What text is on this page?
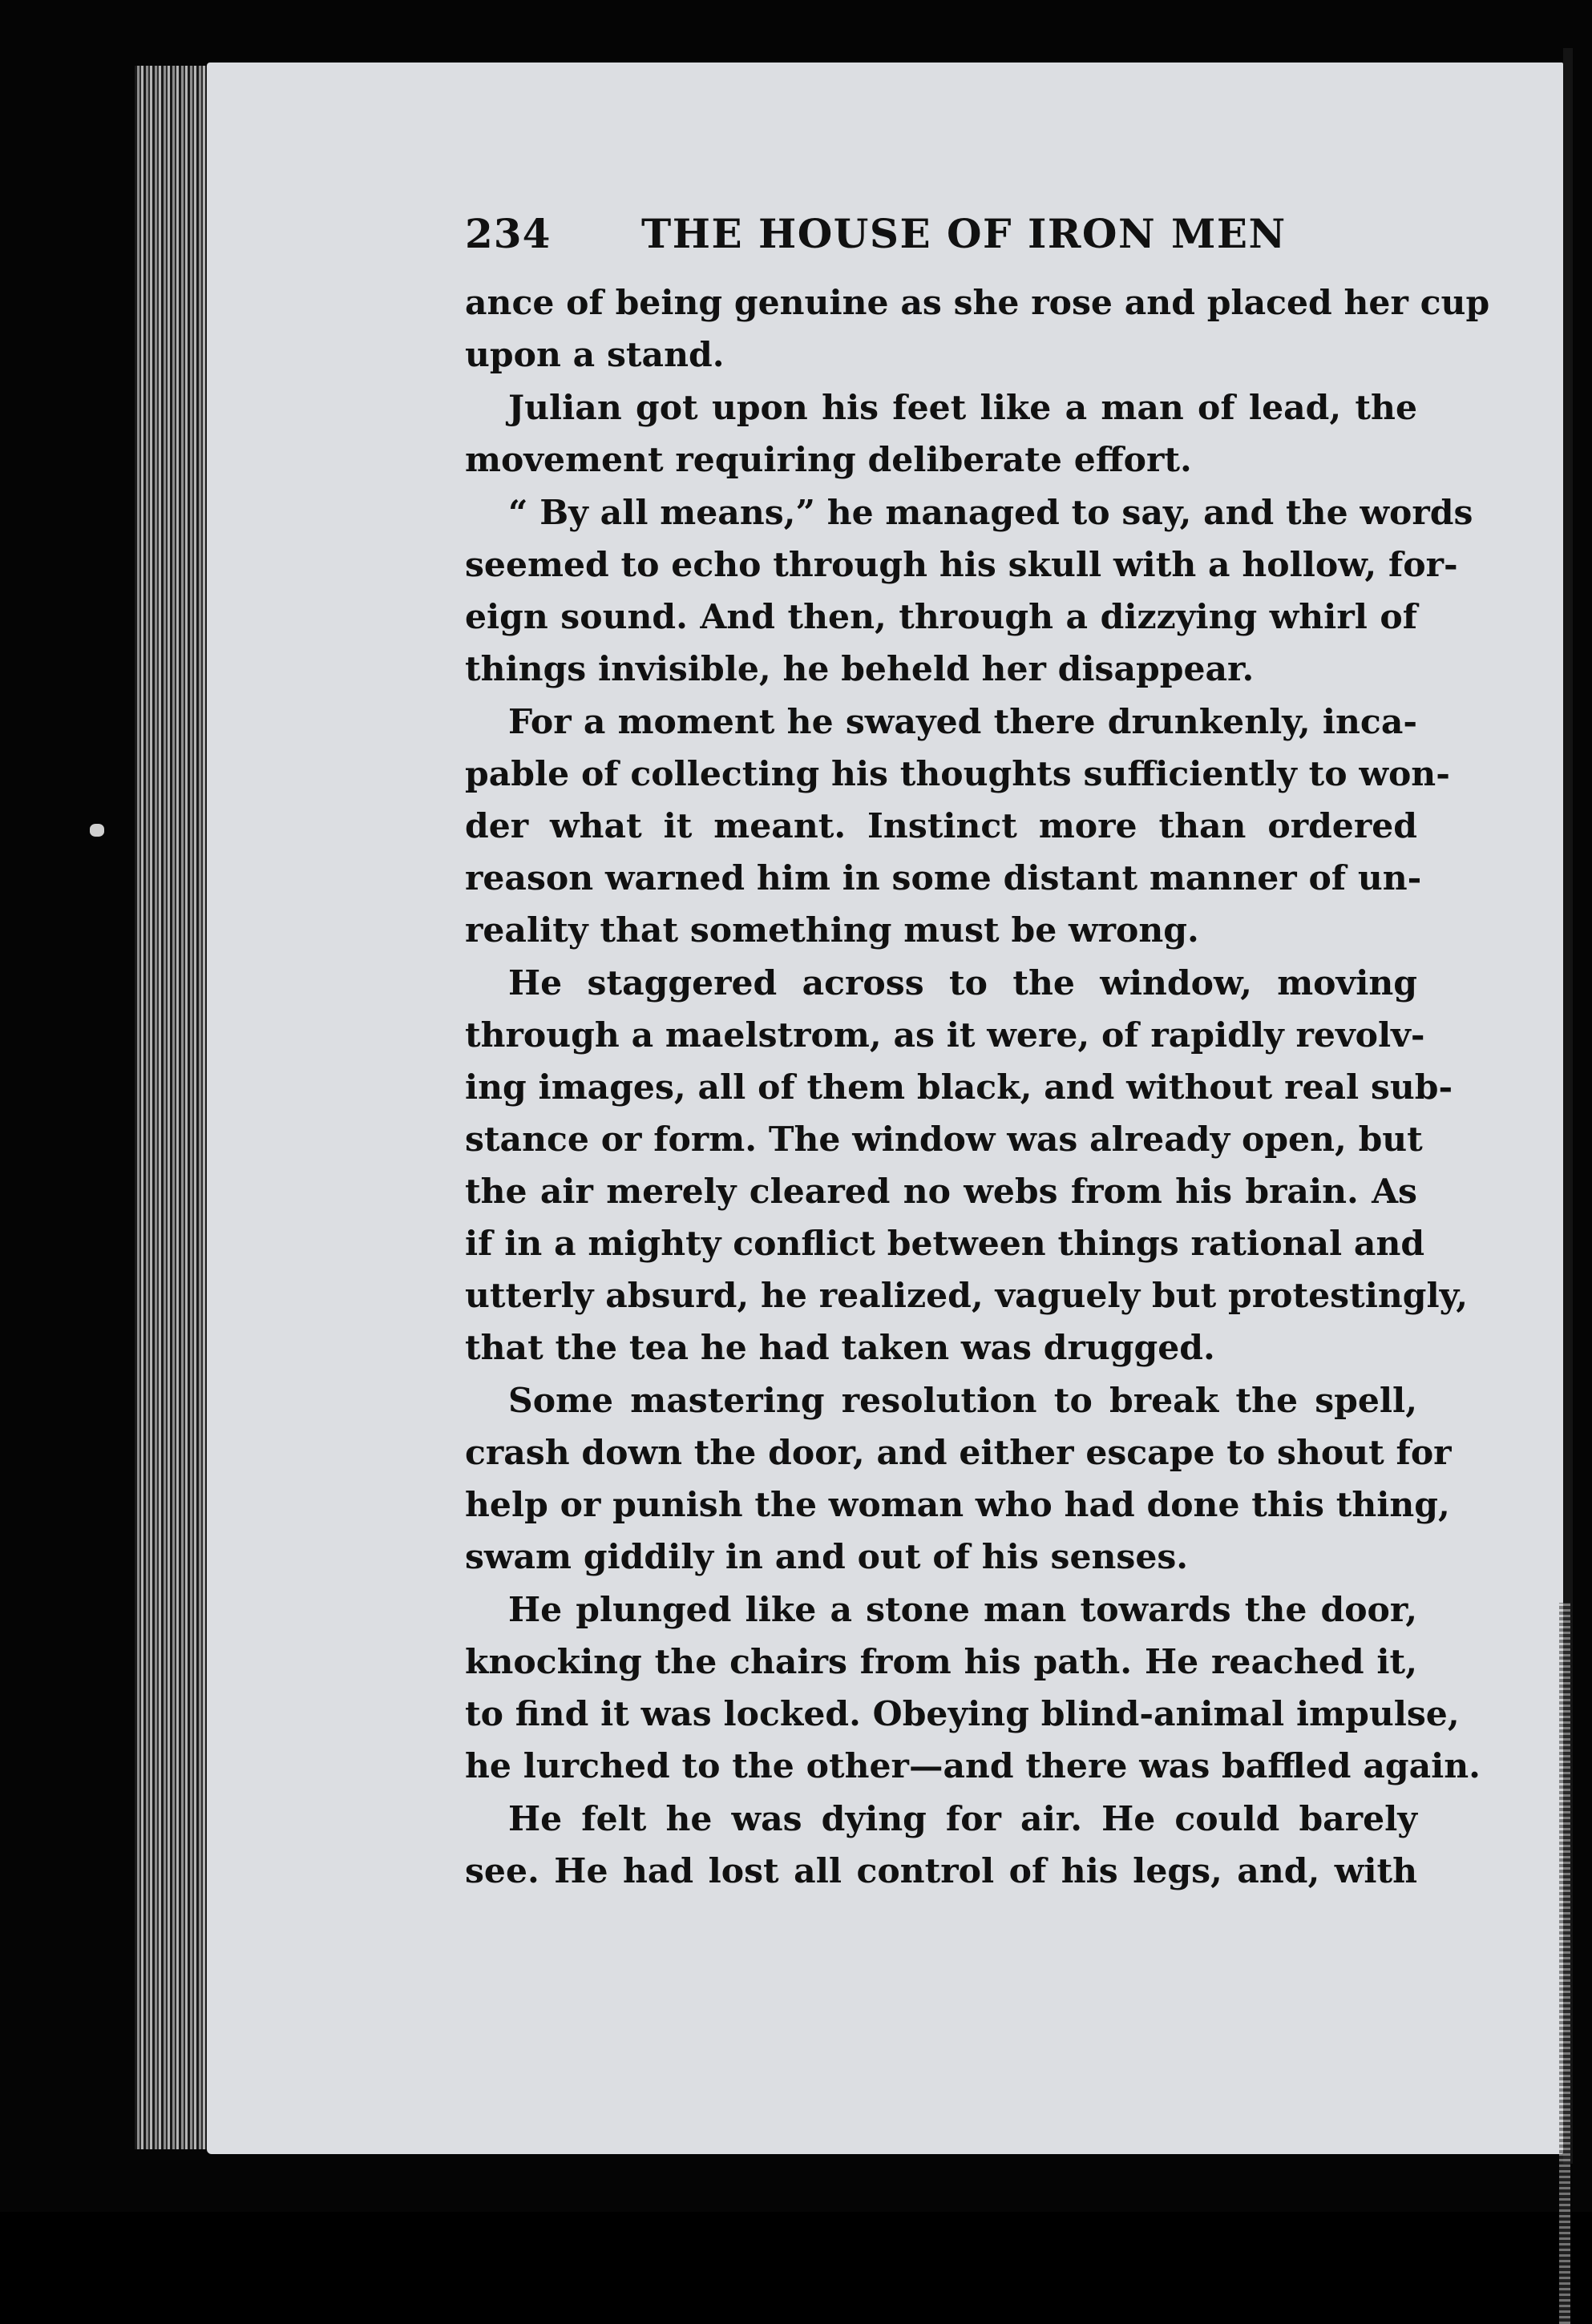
234	THE HOUSE OF IRON MEN
ance of being genuine as she rose and placed her cup
upon a stand.
Julian got upon his feet like a man of lead, the
movement requiring deliberate effort.
“ By all means,” he managed to say, and the words
seemed to echo through his skull with a hollow, for-
eign sound. And then, through a dizzying whirl of
things invisible, he beheld her disappear.
For a moment he swayed there drunkenly, inca-
pable of collecting his thoughts sufficiently to won-
der what it meant. Instinct more than ordered
reason warned him in some distant manner of un-
reality that something must be wrong.
He staggered across to the window, moving
through a maelstrom, as it were, of rapidly revolv-
ing images, all of them black, and without real sub-
stance or form. The window was already open, but
the air merely cleared no webs from his brain. As
if in a mighty conflict between things rational and
utterly absurd, he realized, vaguely but protestingly,
that the tea he had taken was drugged.
Some mastering resolution to break the spell,
crash down the door, and either escape to shout for
help or punish the woman who had done this thing,
swam giddily in and out of his senses.
He plunged like a stone man towards the door,
knocking the chairs from his path. He reached it,
to find it was locked. Obeying blind-animal impulse,
he lurched to the other—and there was baffled again.
He felt he was dying for air. He could barely
see. He had lost all control of his legs, and, with
